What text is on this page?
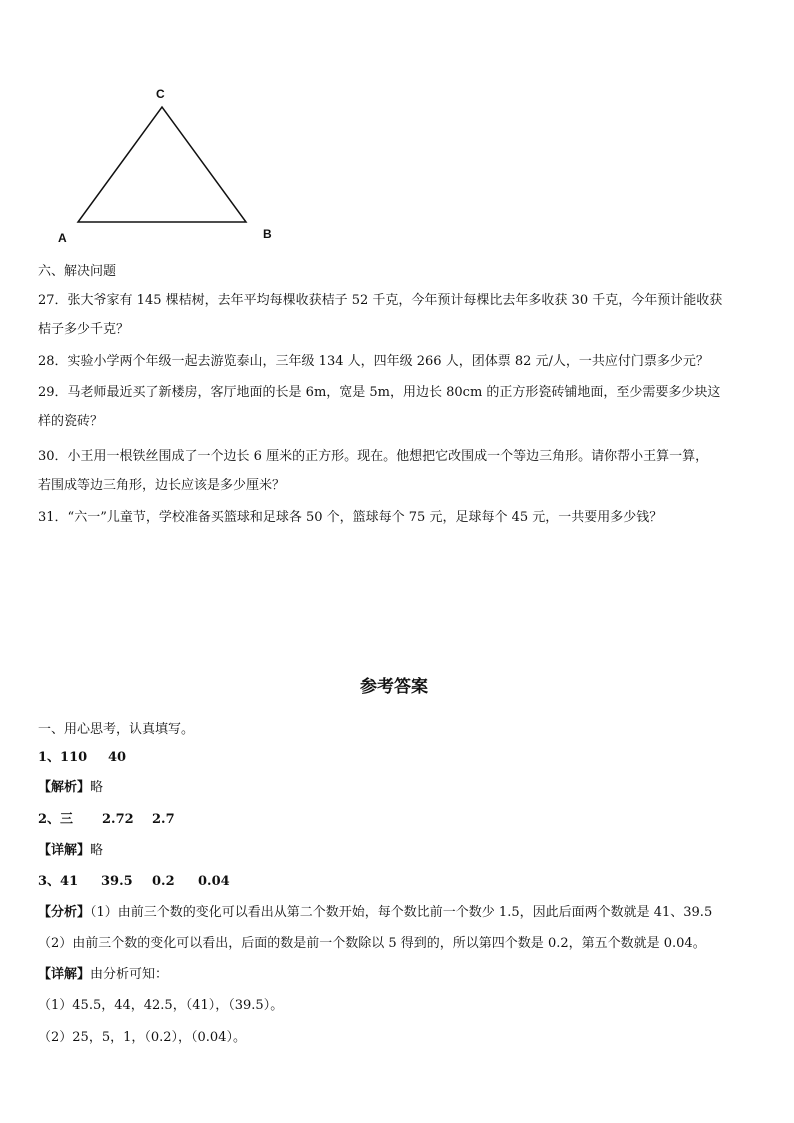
C
A	B
六、解决问题
27．张大爷家有 145 棵桔树，去年平均每棵收获桔子 52 千克，今年预计每棵比去年多收获 30 千克，今年预计能收获
桔子多少千克？
28．实验小学两个年级一起去游览泰山，三年级 134 人，四年级 266 人，团体票 82 元/人，一共应付门票多少元？
29．马老师最近买了新楼房，客厅地面的长是 6m，宽是 5m，用边长 80cm 的正方形瓷砖铺地面，至少需要多少块这
样的瓷砖？
30．小王用一根铁丝围成了一个边长 6 厘米的正方形。现在。他想把它改围成一个等边三角形。请你帮小王算一算，
若围成等边三角形，边长应该是多少厘米？
31．“六一”儿童节，学校准备买篮球和足球各 50 个，篮球每个 75 元，足球每个 45 元，一共要用多少钱？
参考答案
一、用心思考，认真填写。
1、110 40
【解析】略
2、三 2.72 2.7
【详解】略
3、41 39.5 0.2 0.04
【分析】（1）由前三个数的变化可以看出从第二个数开始，每个数比前一个数少 1.5，因此后面两个数就是 41、39.5
（2）由前三个数的变化可以看出，后面的数是前一个数除以 5 得到的，所以第四个数是 0.2，第五个数就是 0.04。
【详解】由分析可知：
（1）45.5，44，42.5，（41），（39.5）。
（2）25，5，1，（0.2），（0.04）。
